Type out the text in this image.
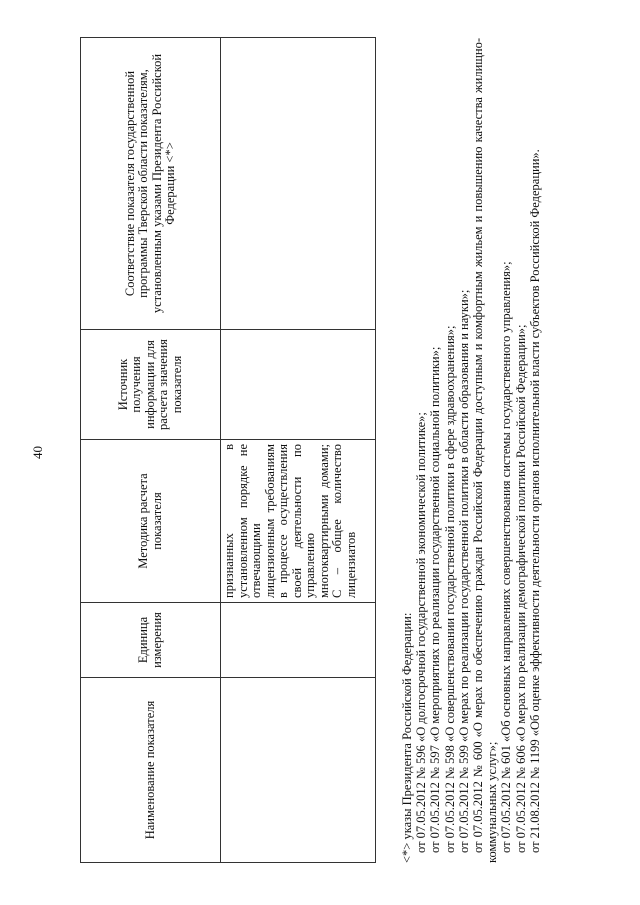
40
Наименование показателя	Единица измерения	Методика расчета показателя	Источник получения информации для расчета значения показателя	Соответствие показателя государственной программы Тверской области показателям, установленным указами Президента Российской Федерации <*>
		признанных в установленном порядке не отвечающими лицензионным требованиям в процессе осуществления своей деятельности по управлению многоквартирными домами; С – общее количество лицензиатов		

<*> указы Президента Российской Федерации: от 07.05.2012 № 596 «О долгосрочной государственной экономической политике»; от 07.05.2012 № 597 «О мероприятиях по реализации государственной социальной политики»; от 07.05.2012 № 598 «О совершенствовании государственной политики в сфере здравоохранения»; от 07.05.2012 № 599 «О мерах по реализации государственной политики в области образования и науки»; от 07.05.2012 № 600 «О мерах по обеспечению граждан Российской Федерации доступным и комфортным жильем и повышению качества жилищно-коммунальных услуг»; от 07.05.2012 № 601 «Об основных направлениях совершенствования системы государственного управления»; от 07.05.2012 № 606 «О мерах по реализации демографической политики Российской Федерации»; от 21.08.2012 № 1199 «Об оценке эффективности деятельности органов исполнительной власти субъектов Российской Федерации».
